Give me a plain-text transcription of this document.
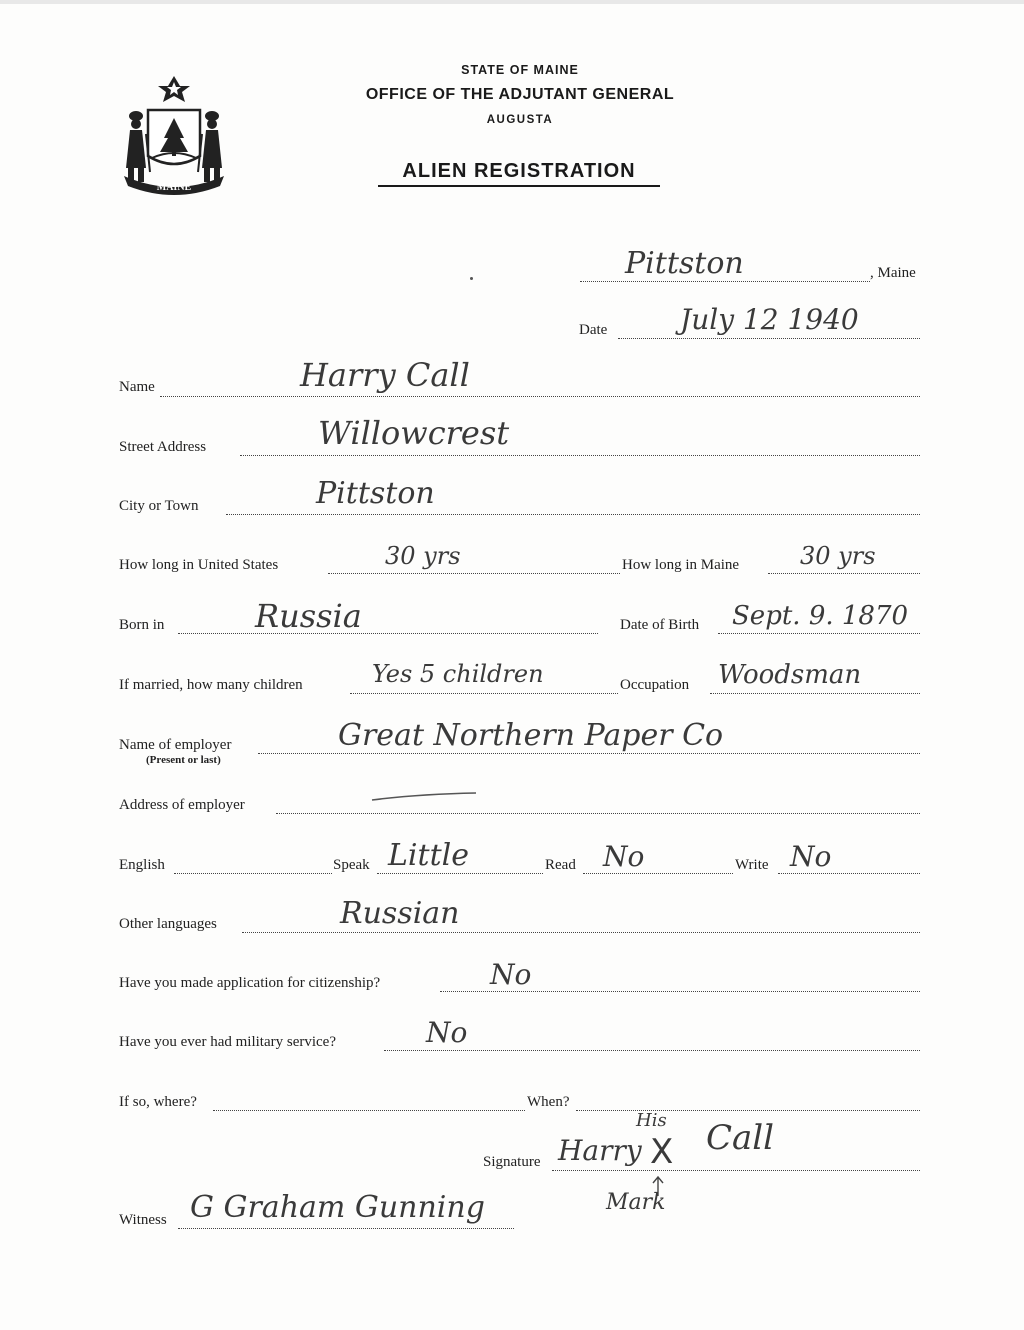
MAINE
STATE OF MAINE
OFFICE OF THE ADJUTANT GENERAL
AUGUSTA
ALIEN REGISTRATION
Pittston	, Maine
Date	July 12 1940
Name	Harry Call
Street Address	Willowcrest
City or Town	Pittston
How long in United States	30 yrs	How long in Maine	30 yrs
Born in	Russia	Date of Birth Sept. 9. 1870
If married, how many children	Yes 5 children	Occupation Woodsman
Name of employer
(Present or last)
Great Northern Paper Co
Address of employer
English	Speak Little	Read No	Write No
Other languages	Russian
Have you made application for citizenship?	No
Have you ever had military service?	No
If so, where?	When?
Signature
His
Harry X Call
Mark
Witness G Graham Gunning
